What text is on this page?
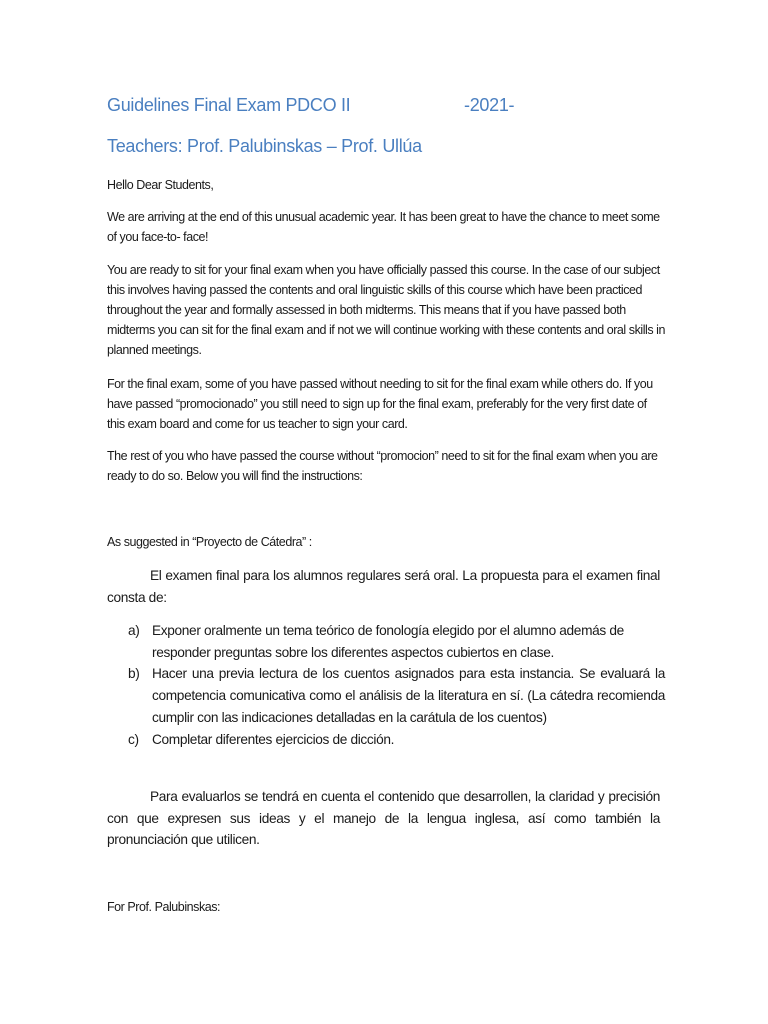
Guidelines Final Exam PDCO II	-2021-
Teachers: Prof. Palubinskas – Prof. Ullúa

Hello Dear Students,

We are arriving at the end of this unusual academic year. It has been great to have the chance to meet some of you face-to- face!

You are ready to sit for your final exam when you have officially passed this course. In the case of our subject this involves having passed the contents and oral linguistic skills of this course which have been practiced throughout the year and formally assessed in both midterms. This means that if you have passed both midterms you can sit for the final exam and if not we will continue working with these contents and oral skills in planned meetings.

For the final exam, some of you have passed without needing to sit for the final exam while others do. If you have passed “promocionado” you still need to sign up for the final exam, preferably for the very first date of this exam board and come for us teacher to sign your card.

The rest of you who have passed the course without “promocion” need to sit for the final exam when you are ready to do so. Below you will find the instructions:

As suggested in “Proyecto de Cátedra” :

El examen final para los alumnos regulares será oral. La propuesta para el examen final consta de:

a) Exponer oralmente un tema teórico de fonología elegido por el alumno además de responder preguntas sobre los diferentes aspectos cubiertos en clase.
b) Hacer una previa lectura de los cuentos asignados para esta instancia. Se evaluará la competencia comunicativa como el análisis de la literatura en sí. (La cátedra recomienda cumplir con las indicaciones detalladas en la carátula de los cuentos)
c) Completar diferentes ejercicios de dicción.

Para evaluarlos se tendrá en cuenta el contenido que desarrollen, la claridad y precisión con que expresen sus ideas y el manejo de la lengua inglesa, así como también la pronunciación que utilicen.

For Prof. Palubinskas:
